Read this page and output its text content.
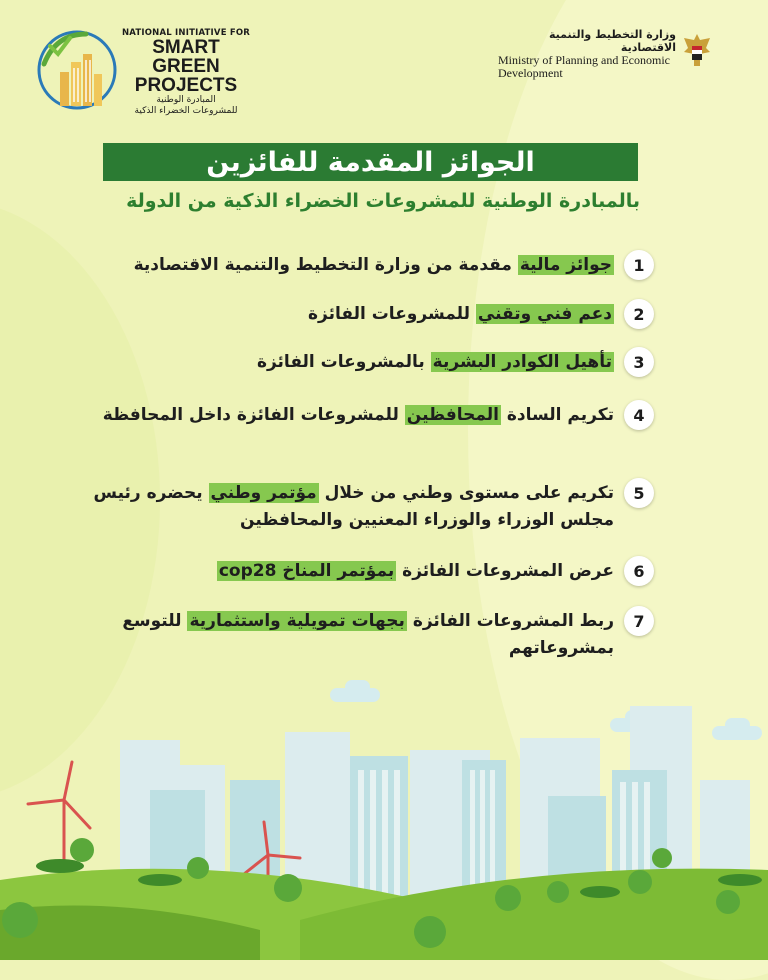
NATIONAL INITIATIVE FOR
SMART GREEN
PROJECTS
المبادرة الوطنية
للمشروعات الخضراء الذكية
وزارة التخطيط والتنمية الاقتصادية
Ministry of Planning and Economic
Development
الجوائز المقدمة للفائزين
بالمبادرة الوطنية للمشروعات الخضراء الذكية من الدولة
1
جوائز مالية مقدمة من وزارة التخطيط والتنمية الاقتصادية
2
دعم فني وتقني للمشروعات الفائزة
3
تأهيل الكوادر البشرية بالمشروعات الفائزة
4
تكريم السادة المحافظين للمشروعات الفائزة داخل المحافظة
5
تكريم على مستوى وطني من خلال مؤتمر وطني يحضره رئيس مجلس الوزراء والوزراء المعنيين والمحافظين
6
عرض المشروعات الفائزة بمؤتمر المناخ cop28
7
ربط المشروعات الفائزة بجهات تمويلية واستثمارية للتوسع بمشروعاتهم
